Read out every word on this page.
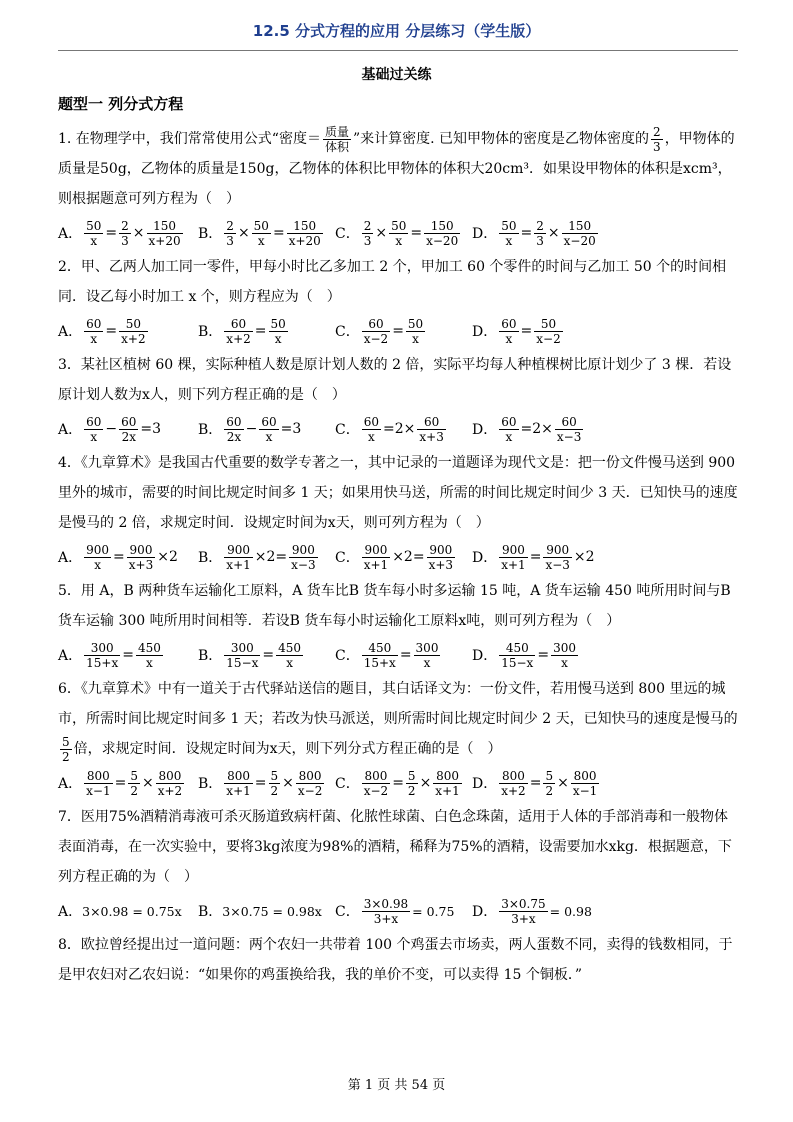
12.5 分式方程的应用 分层练习（学生版）
基础过关练
题型一 列分式方程
1. 在物理学中，我们常常使用公式“密度＝ $\frac{\text{质量}}{\text{体积}}$ ”来计算密度. 已知甲物体的密度是乙物体密度的 $\frac{2}{3}$ ，甲物体的质量是50g，乙物体的质量是150g，乙物体的体积比甲物体的体积大20cm³．如果设甲物体的体积是xcm³，则根据题意可列方程为（　）
A． $\frac{50}{x} = \frac{2}{3} \times \frac{150}{x+20}$ B． $\frac{2}{3} \times \frac{50}{x} = \frac{150}{x+20}$ C． $\frac{2}{3} \times \frac{50}{x} = \frac{150}{x-20}$ D． $\frac{50}{x} = \frac{2}{3} \times \frac{150}{x-20}$
2．甲、乙两人加工同一零件，甲每小时比乙多加工 2 个，甲加工 60 个零件的时间与乙加工 50 个的时间相同．设乙每小时加工 x 个，则方程应为（　）
A． $\frac{60}{x} = \frac{50}{x+2}$	B． $\frac{60}{x+2} = \frac{50}{x}$	C． $\frac{60}{x-2} = \frac{50}{x}$	D． $\frac{60}{x} = \frac{50}{x-2}$
3．某社区植树 60 棵，实际种植人数是原计划人数的 2 倍，实际平均每人种植棵树比原计划少了 3 棵．若设原计划人数为x人，则下列方程正确的是（　）
A． $\frac{60}{x} - \frac{60}{2x} =3$	B． $\frac{60}{2x} - \frac{60}{x} =3$ C． $\frac{60}{x} =2\times \frac{60}{x+3}$ D． $\frac{60}{x} =2\times \frac{60}{x-3}$
4．《九章算术》是我国古代重要的数学专著之一，其中记录的一道题译为现代文是：把一份文件慢马送到 900 里外的城市，需要的时间比规定时间多 1 天；如果用快马送，所需的时间比规定时间少 3 天．已知快马的速度是慢马的 2 倍，求规定时间．设规定时间为x天，则可列方程为（　）
A． $\frac{900}{x} = \frac{900}{x+3} \times 2$ B． $\frac{900}{x+1} \times 2= \frac{900}{x-3}$ C． $\frac{900}{x+1} \times 2= \frac{900}{x+3}$ D． $\frac{900}{x+1} = \frac{900}{x-3} \times 2$
5．用 A，B 两种货车运输化工原料，A 货车比B 货车每小时多运输 15 吨，A 货车运输 450 吨所用时间与B 货车运输 300 吨所用时间相等．若设B 货车每小时运输化工原料x吨，则可列方程为（　）
A． $\frac{300}{15+x} = \frac{450}{x}$	B． $\frac{300}{15-x} = \frac{450}{x}$ C． $\frac{450}{15+x} = \frac{300}{x}$ D． $\frac{450}{15-x} = \frac{300}{x}$
6．《九章算术》中有一道关于古代驿站送信的题目，其白话译文为：一份文件，若用慢马送到 800 里远的城市，所需时间比规定时间多 1 天；若改为快马派送，则所需时间比规定时间少 2 天，已知快马的速度是慢马的
$\frac{5}{2}$ 倍，求规定时间．设规定时间为x天，则下列分式方程正确的是（　）
A． $\frac{800}{x-1} = \frac{5}{2} \times \frac{800}{x+2}$ B． $\frac{800}{x+1} = \frac{5}{2} \times \frac{800}{x-2}$ C． $\frac{800}{x-2} = \frac{5}{2} \times \frac{800}{x+1}$ D． $\frac{800}{x+2} = \frac{5}{2} \times \frac{800}{x-1}$
7．医用75%酒精消毒液可杀灭肠道致病杆菌、化脓性球菌、白色念珠菌，适用于人体的手部消毒和一般物体表面消毒，在一次实验中，要将3kg浓度为98%的酒精，稀释为75%的酒精，设需要加水xkg．根据题意，下列方程正确的为（　）
A． 3×0.98 = 0.75x B． 3×0.75 = 0.98x C． $\frac{3\times 0.98}{3+x} = 0.75$ D． $\frac{3\times 0.75}{3+x} = 0.98$
8．欧拉曾经提出过一道问题：两个农妇一共带着 100 个鸡蛋去市场卖，两人蛋数不同，卖得的钱数相同，于是甲农妇对乙农妇说：“如果你的鸡蛋换给我，我的单价不变，可以卖得 15 个铜板．”
第 1 页 共 54 页
